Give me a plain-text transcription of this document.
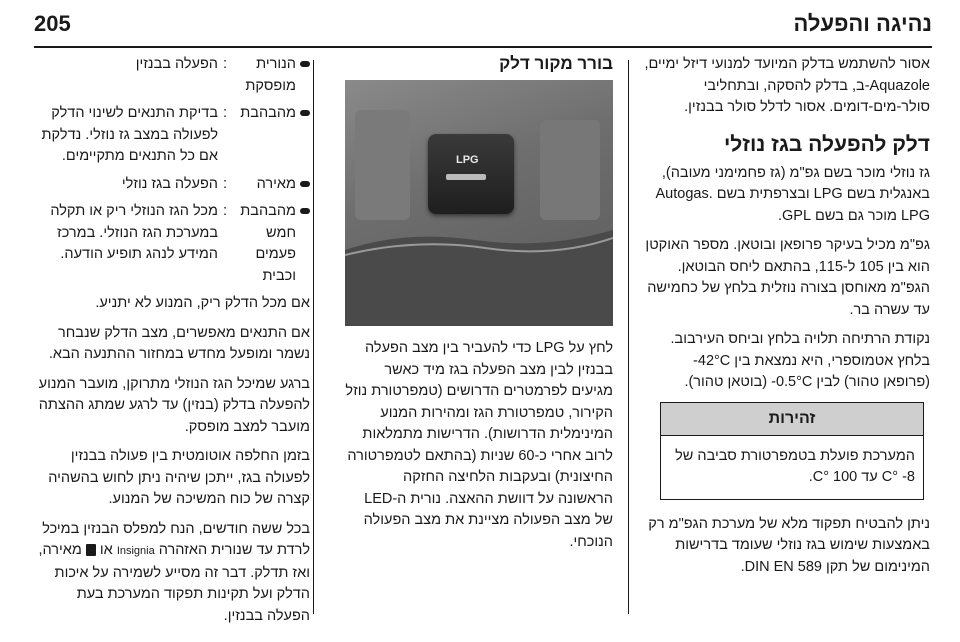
205	נהיגה והפעלה

אסור להשתמש בדלק המיועד למנועי דיזל ימיים, Aquazole-ב, בדלק להסקה, ובתחליבי סולר-מים-דומים. אסור לדלל סולר בבנזין.

דלק להפעלה בגז נוזלי

גז נוזלי מוכר בשם גפ"מ (גז פחמימני מעובה), באנגלית בשם LPG ובצרפתית בשם Autogas. LPG מוכר גם בשם GPL.

גפ"מ מכיל בעיקר פרופאן ובוטאן. מספר האוקטן הוא בין 105 ל-115, בהתאם ליחס הבוטאן. הגפ"מ מאוחסן בצורה נוזלית בלחץ של כחמישה עד עשרה בר.

נקודת הרתיחה תלויה בלחץ וביחס העירבוב. בלחץ אטמוספרי, היא נמצאת בין 42°C- (פרופאן טהור) לבין 0.5°C- (בוטאן טהור).

זהירות
המערכת פועלת בטמפרטורת סביבה של 8- °C עד 100 °C.

ניתן להבטיח תפקוד מלא של מערכת הגפ"מ רק באמצעות שימוש בגז נוזלי שעומד בדרישות המינימום של תקן DIN EN 589.

בורר מקור דלק
LPG

לחץ על LPG כדי להעביר בין מצב הפעלה בבנזין לבין מצב הפעלה בגז מיד כאשר מגיעים לפרמטרים הדרושים (טמפרטורת נוזל הקירור, טמפרטורת הגז ומהירות המנוע המינימלית הדרושות). הדרישות מתמלאות לרוב אחרי כ-60 שניות (בהתאם לטמפרטורה החיצונית) ובעקבות הלחיצה החזקה הראשונה על דוושת ההאצה. נורית ה-LED של מצב הפעולה מציינת את מצב הפעולה הנוכחי.

הנורית מופסקת
:
הפעלה בבנזין
מהבהבת
:
בדיקת התנאים לשינוי הדלק לפעולה במצב גז נוזלי. נדלקת אם כל התנאים מתקיימים.
מאירה
:
הפעלה בגז נוזלי
מהבהבת חמש פעמים וכבית
:
מכל הגז הנוזלי ריק או תקלה במערכת הגז הנוזלי. במרכז המידע לנהג תופיע הודעה.

אם מכל הדלק ריק, המנוע לא יתניע.

אם התנאים מאפשרים, מצב הדלק שנבחר נשמר ומופעל מחדש במחזור ההתנעה הבא.

ברגע שמיכל הגז הנוזלי מתרוקן, מועבר המנוע להפעלה בדלק (בנזין) עד לרגע שמתג ההצתה מועבר למצב מופסק.

בזמן החלפה אוטומטית בין פעולה בבנזין לפעולה בגז, ייתכן שיהיה ניתן לחוש בהשהיה קצרה של כוח המשיכה של המנוע.

בכל ששה חודשים, הנח למפלס הבנזין במיכל לרדת עד שנורית האזהרה Insignia או  מאירה, ואז תדלק. דבר זה מסייע לשמירה על איכות הדלק ועל תקינות תפקוד המערכת בעת הפעלה בבנזין.
